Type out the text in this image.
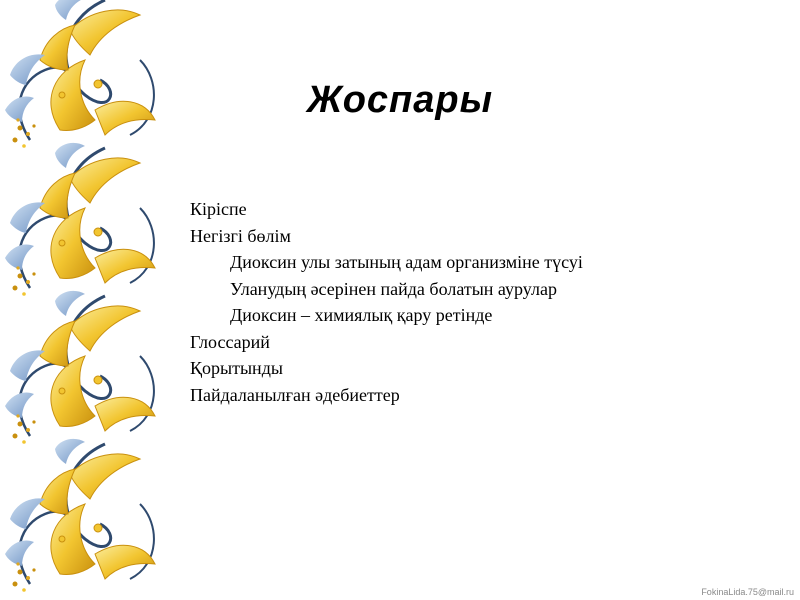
Жоспары
Кіріспе
Негізгі бөлім
Диоксин улы затының адам организміне түсуі
Уланудың әсерінен пайда болатын аурулар
Диоксин – химиялық қару ретінде
Глоссарий
Қорытынды
Пайдаланылған әдебиеттер
FokinaLida.75@mail.ru
